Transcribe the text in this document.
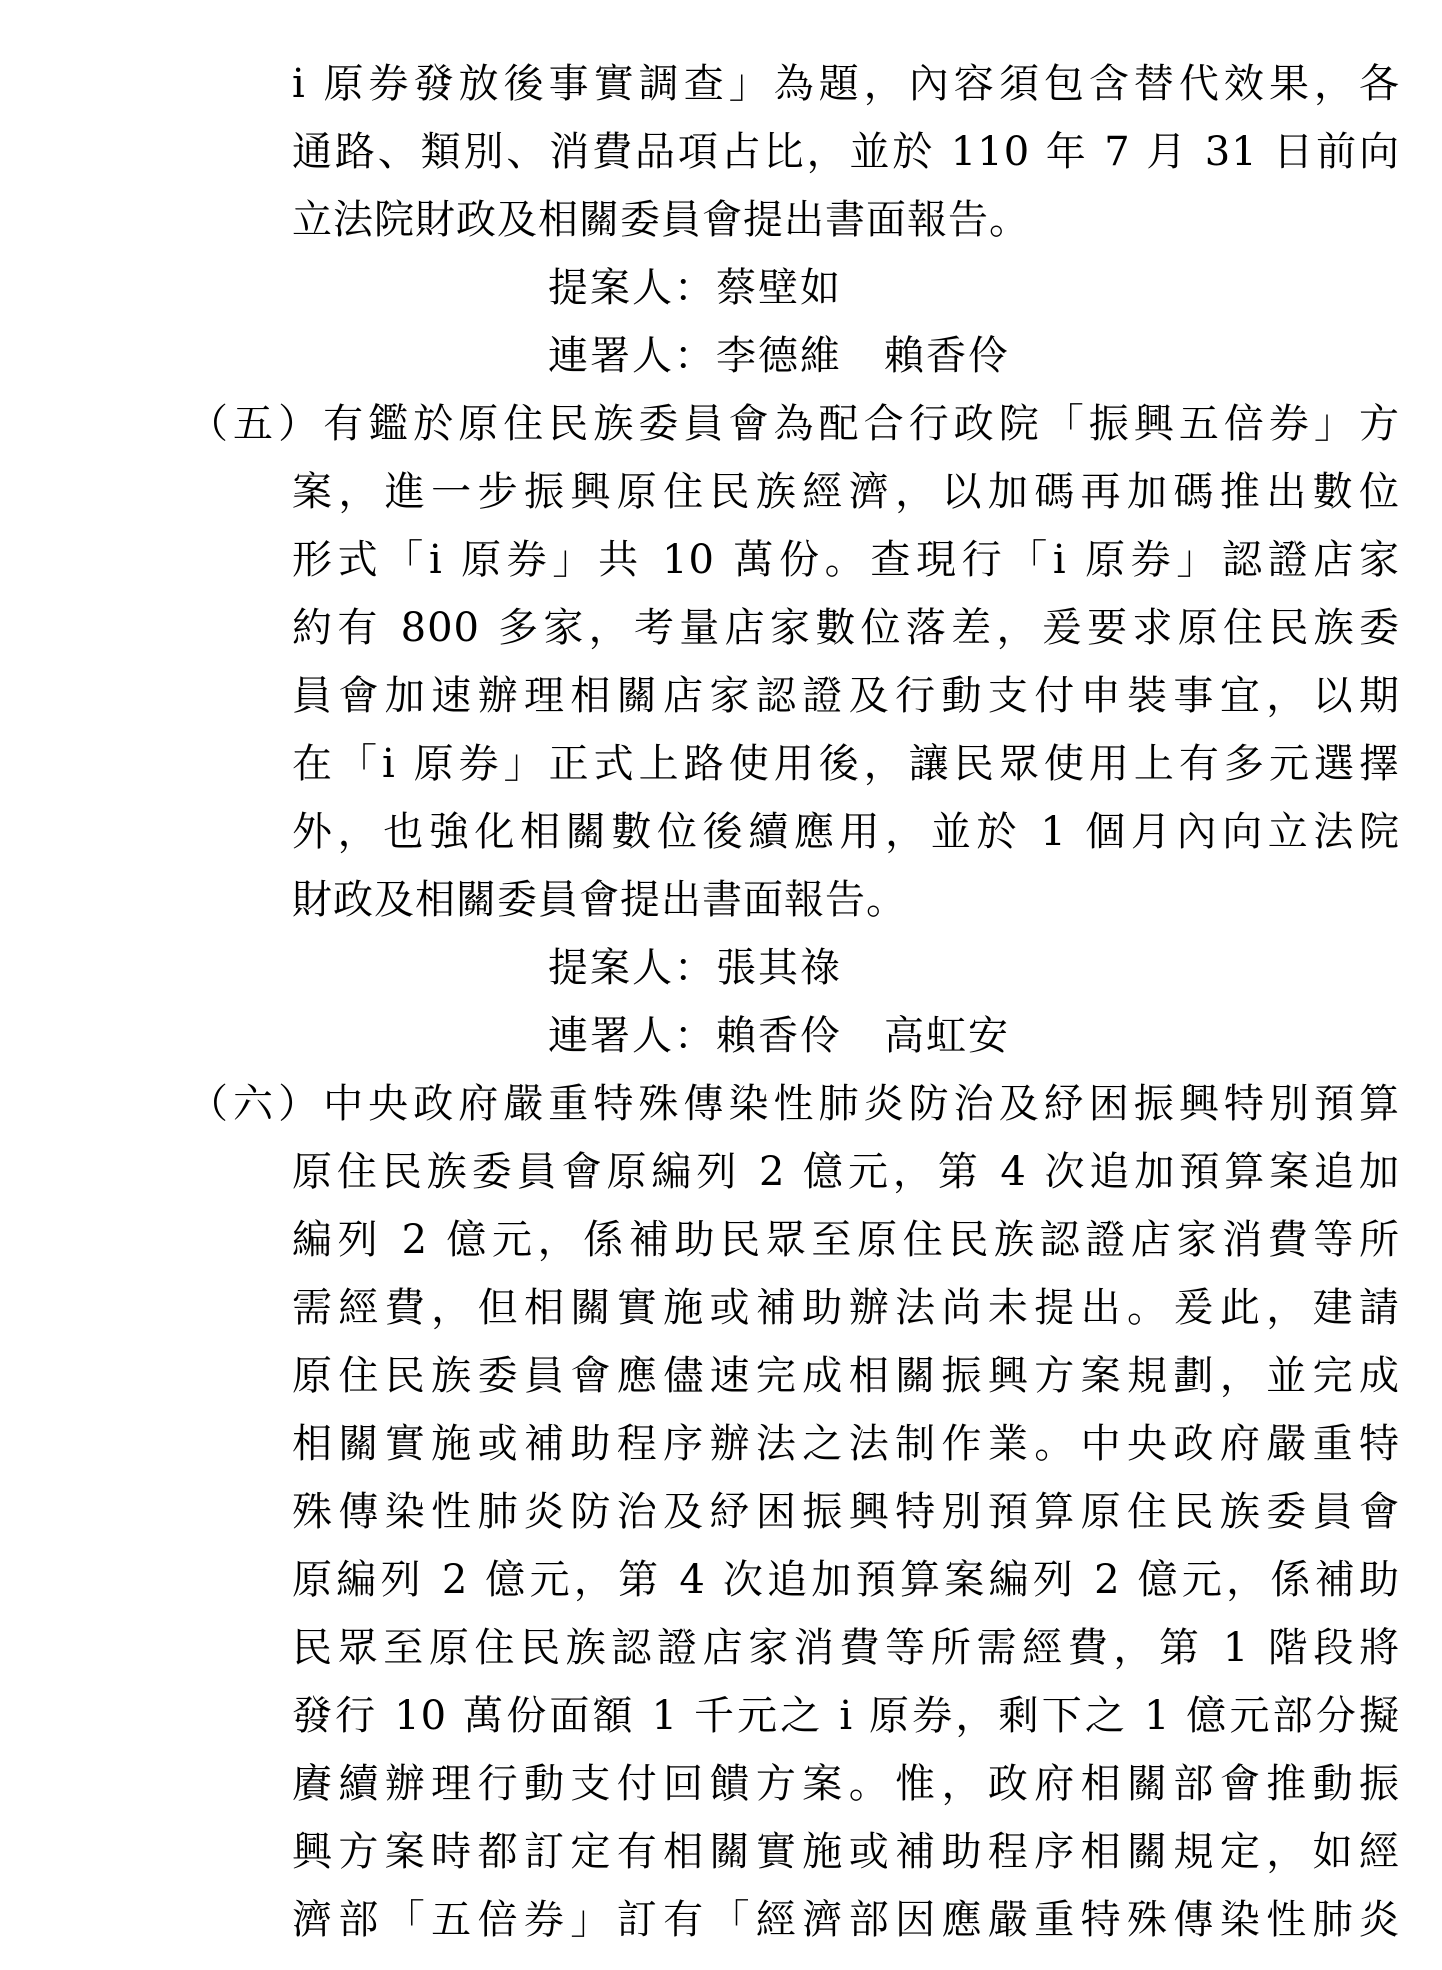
i 原券發放後事實調查」為題，內容須包含替代效果，各
通路、類別、消費品項占比，並於 110 年 7 月 31 日前向
立法院財政及相關委員會提出書面報告。
提案人：蔡壁如
連署人：李德維　賴香伶
（五）有鑑於原住民族委員會為配合行政院「振興五倍券」方
案，進一步振興原住民族經濟，以加碼再加碼推出數位
形式「i 原券」共 10 萬份。查現行「i 原券」認證店家
約有 800 多家，考量店家數位落差，爰要求原住民族委
員會加速辦理相關店家認證及行動支付申裝事宜，以期
在「i 原券」正式上路使用後，讓民眾使用上有多元選擇
外，也強化相關數位後續應用，並於 1 個月內向立法院
財政及相關委員會提出書面報告。
提案人：張其祿
連署人：賴香伶　高虹安
（六）中央政府嚴重特殊傳染性肺炎防治及紓困振興特別預算
原住民族委員會原編列 2 億元，第 4 次追加預算案追加
編列 2 億元，係補助民眾至原住民族認證店家消費等所
需經費，但相關實施或補助辦法尚未提出。爰此，建請
原住民族委員會應儘速完成相關振興方案規劃，並完成
相關實施或補助程序辦法之法制作業。中央政府嚴重特
殊傳染性肺炎防治及紓困振興特別預算原住民族委員會
原編列 2 億元，第 4 次追加預算案編列 2 億元，係補助
民眾至原住民族認證店家消費等所需經費，第 1 階段將
發行 10 萬份面額 1 千元之 i 原券，剩下之 1 億元部分擬
賡續辦理行動支付回饋方案。惟，政府相關部會推動振
興方案時都訂定有相關實施或補助程序相關規定，如經
濟部「五倍券」訂有「經濟部因應嚴重特殊傳染性肺炎
